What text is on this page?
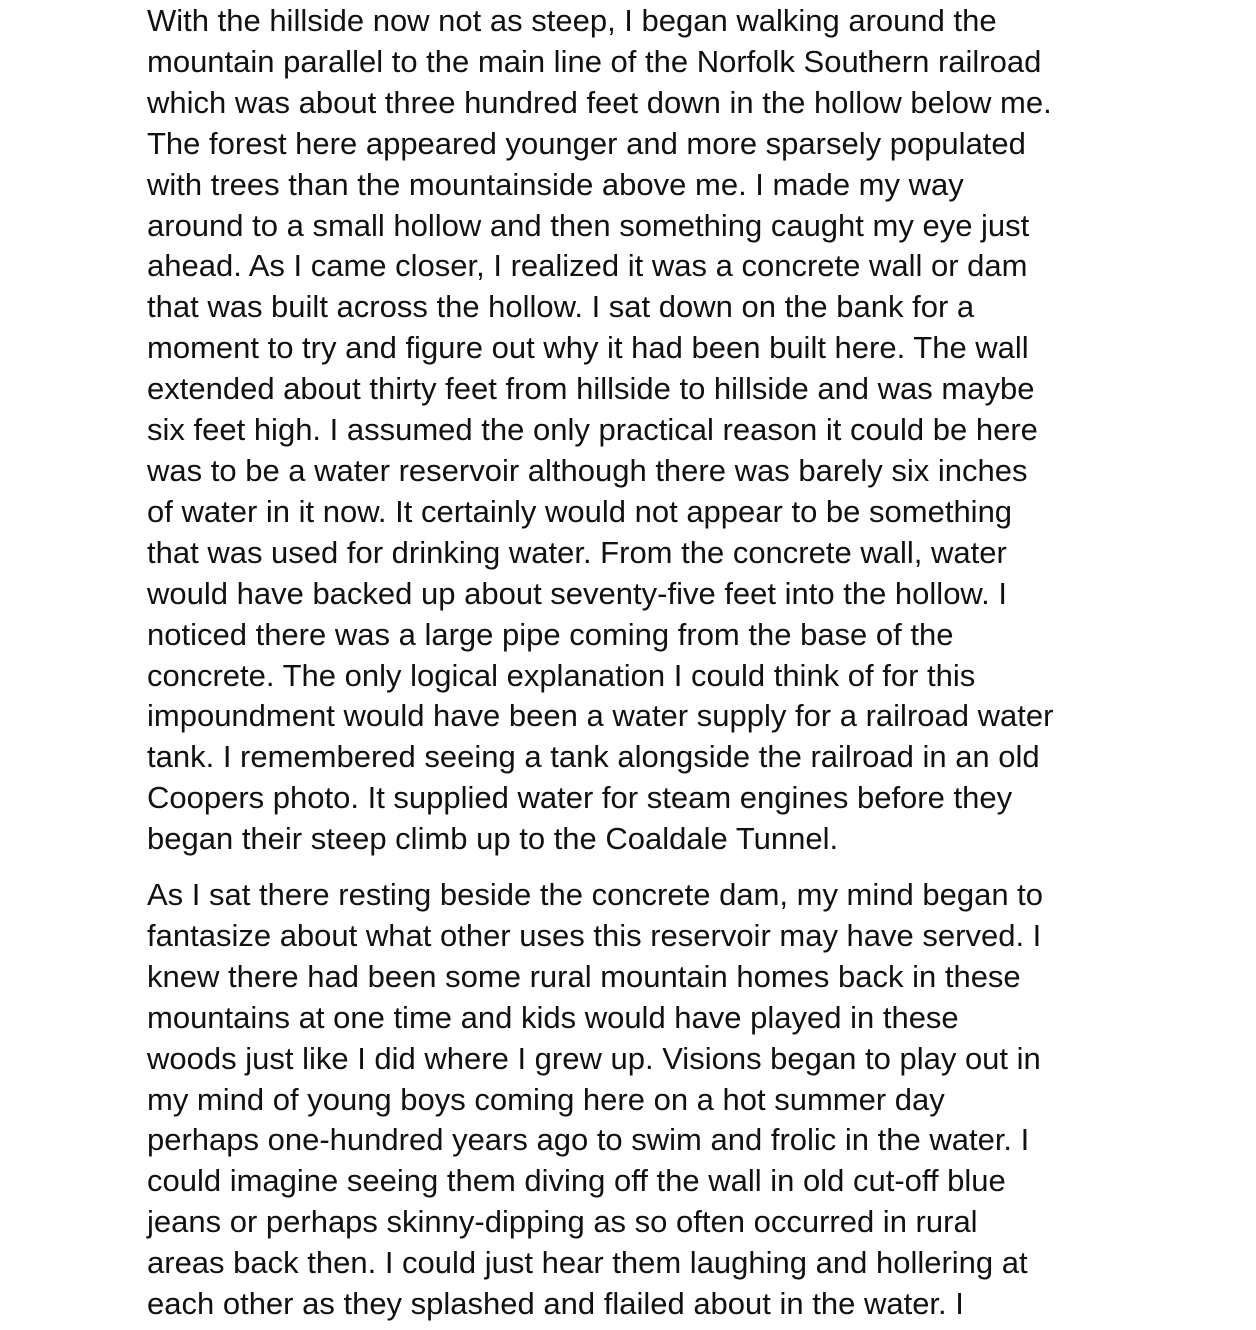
With the hillside now not as steep, I began walking around the
mountain parallel to the main line of the Norfolk Southern railroad
which was about three hundred feet down in the hollow below me.
The forest here appeared younger and more sparsely populated
with trees than the mountainside above me. I made my way
around to a small hollow and then something caught my eye just
ahead. As I came closer, I realized it was a concrete wall or dam
that was built across the hollow. I sat down on the bank for a
moment to try and figure out why it had been built here. The wall
extended about thirty feet from hillside to hillside and was maybe
six feet high. I assumed the only practical reason it could be here
was to be a water reservoir although there was barely six inches
of water in it now. It certainly would not appear to be something
that was used for drinking water. From the concrete wall, water
would have backed up about seventy-five feet into the hollow. I
noticed there was a large pipe coming from the base of the
concrete. The only logical explanation I could think of for this
impoundment would have been a water supply for a railroad water
tank. I remembered seeing a tank alongside the railroad in an old
Coopers photo. It supplied water for steam engines before they
began their steep climb up to the Coaldale Tunnel.

As I sat there resting beside the concrete dam, my mind began to
fantasize about what other uses this reservoir may have served. I
knew there had been some rural mountain homes back in these
mountains at one time and kids would have played in these
woods just like I did where I grew up. Visions began to play out in
my mind of young boys coming here on a hot summer day
perhaps one-hundred years ago to swim and frolic in the water. I
could imagine seeing them diving off the wall in old cut-off blue
jeans or perhaps skinny-dipping as so often occurred in rural
areas back then. I could just hear them laughing and hollering at
each other as they splashed and flailed about in the water. I
